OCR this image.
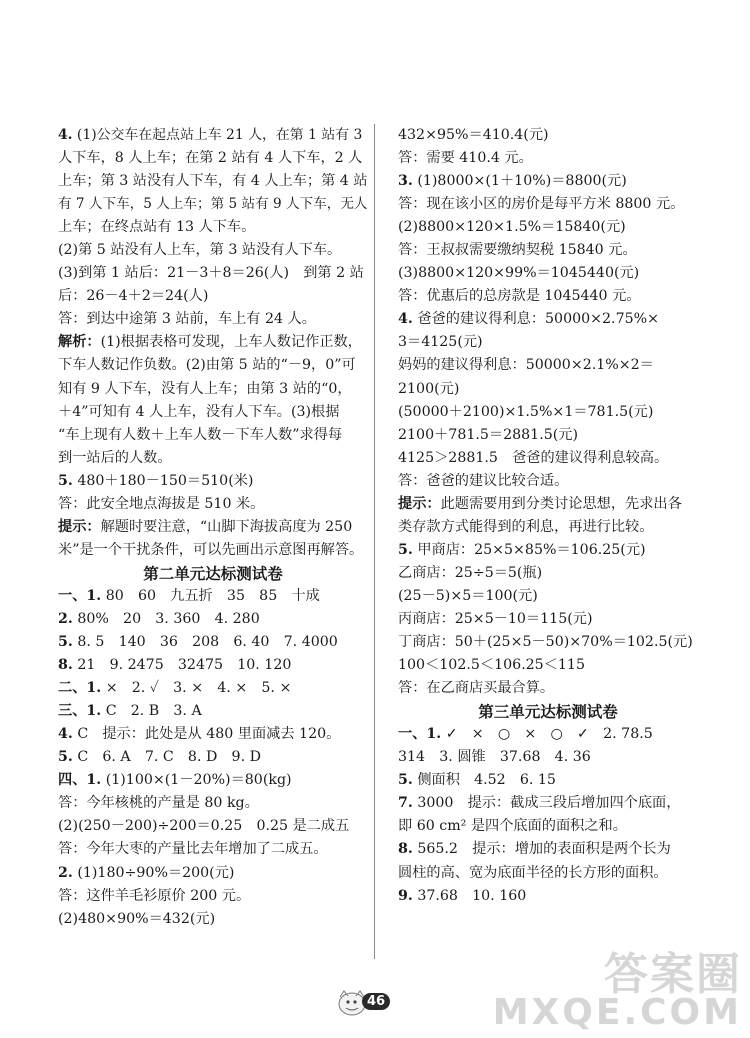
4. (1)公交车在起点站上车 21 人，在第 1 站有 3
人下车，8 人上车；在第 2 站有 4 人下车，2 人
上车；第 3 站没有人下车，有 4 人上车；第 4 站
有 7 人下车，5 人上车；第 5 站有 9 人下车，无人
上车；在终点站有 13 人下车。
(2)第 5 站没有人上车，第 3 站没有人下车。
(3)到第 1 站后：21－3＋8＝26(人)　到第 2 站
后：26－4＋2＝24(人)
答：到达中途第 3 站前，车上有 24 人。
解析：(1)根据表格可发现，上车人数记作正数，
下车人数记作负数。(2)由第 5 站的“－9，0”可
知有 9 人下车，没有人上车；由第 3 站的“0，
＋4”可知有 4 人上车，没有人下车。(3)根据
“车上现有人数＋上车人数－下车人数”求得每
到一站后的人数。
5. 480＋180－150＝510(米)
答：此安全地点海拔是 510 米。
提示：解题时要注意，“山脚下海拔高度为 250
米”是一个干扰条件，可以先画出示意图再解答。
第二单元达标测试卷
一、1. 80　60　九五折　35　85　十成
2. 80%　20　3. 360　4. 280
5. 8. 5　140　36　208　6. 40　7. 4000
8. 21　9. 2475　32475　10. 120
二、1. ×　2. ✓　3. ×　4. ×　5. ×
三、1. C　2. B　3. A
4. C　提示：此处是从 480 里面减去 120。
5. C　6. A　7. C　8. D　9. D
四、1. (1)100×(1－20%)＝80(kg)
答：今年核桃的产量是 80 kg。
(2)(250－200)÷200＝0.25　0.25 是二成五
答：今年大枣的产量比去年增加了二成五。
2. (1)180÷90%＝200(元)
答：这件羊毛衫原价 200 元。
(2)480×90%＝432(元)
432×95%＝410.4(元)
答：需要 410.4 元。
3. (1)8000×(1＋10%)＝8800(元)
答：现在该小区的房价是每平方米 8800 元。
(2)8800×120×1.5%＝15840(元)
答：王叔叔需要缴纳契税 15840 元。
(3)8800×120×99%＝1045440(元)
答：优惠后的总房款是 1045440 元。
4. 爸爸的建议得利息：50000×2.75%×
3＝4125(元)
妈妈的建议得利息：50000×2.1%×2＝
2100(元)
(50000＋2100)×1.5%×1＝781.5(元)
2100＋781.5＝2881.5(元)
4125＞2881.5　爸爸的建议得利息较高。
答：爸爸的建议比较合适。
提示：此题需要用到分类讨论思想，先求出各
类存款方式能得到的利息，再进行比较。
5. 甲商店：25×5×85%＝106.25(元)
乙商店：25÷5＝5(瓶)
(25－5)×5＝100(元)
丙商店：25×5－10＝115(元)
丁商店：50＋(25×5－50)×70%＝102.5(元)
100＜102.5＜106.25＜115
答：在乙商店买最合算。
第三单元达标测试卷
一、1. ✓　×　○　×　○　✓　2. 78.5
314　3. 圆锥　37.68　4. 36
5. 侧面积　4.52　6. 15
7. 3000　提示：截成三段后增加四个底面，
即 60 cm² 是四个底面的面积之和。
8. 565.2　提示：增加的表面积是两个长为
圆柱的高、宽为底面半径的长方形的面积。
9. 37.68　10. 160
46
答案圈
MXQE.COM
